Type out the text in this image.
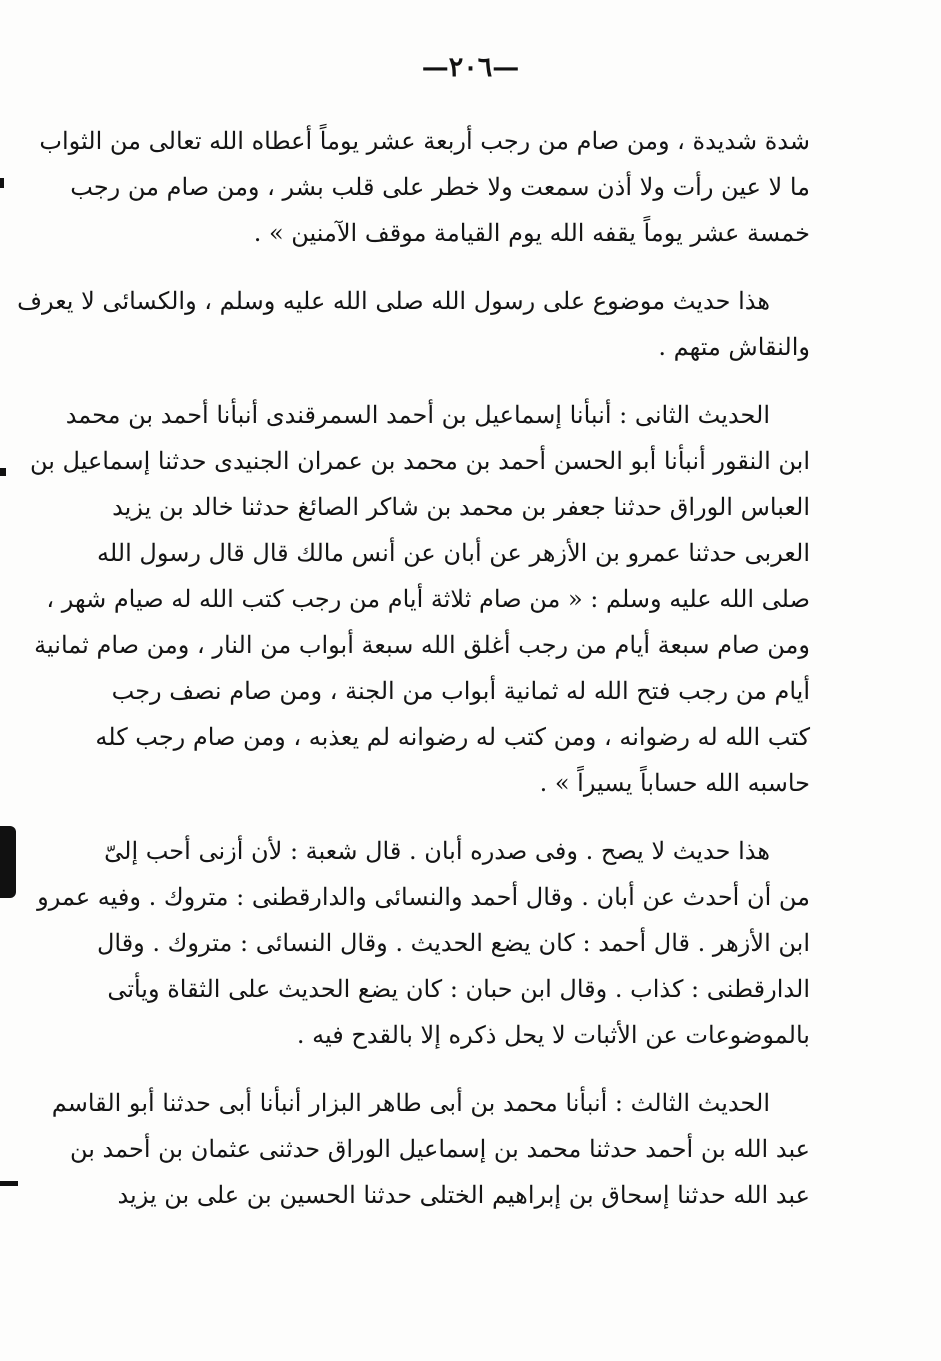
—٢٠٦—
شدة شديدة ، ومن صام من رجب أربعة عشر يوماً أعطاه الله تعالى من الثواب
ما لا عين رأت ولا أذن سمعت ولا خطر على قلب بشر ، ومن صام من رجب
خمسة عشر يوماً يقفه الله يوم القيامة موقف الآمنين » .
هذا حديث موضوع على رسول الله صلى الله عليه وسلم ، والكسائى لا يعرف
والنقاش متهم .
الحديث الثانى : أنبأنا إسماعيل بن أحمد السمرقندى أنبأنا أحمد بن محمد
ابن النقور أنبأنا أبو الحسن أحمد بن محمد بن عمران الجنيدى حدثنا إسماعيل بن
العباس الوراق حدثنا جعفر بن محمد بن شاكر الصائغ حدثنا خالد بن يزيد
العربى حدثنا عمرو بن الأزهر عن أبان عن أنس مالك قال قال رسول الله
صلى الله عليه وسلم : « من صام ثلاثة أيام من رجب كتب الله له صيام شهر ،
ومن صام سبعة أيام من رجب أغلق الله سبعة أبواب من النار ، ومن صام ثمانية
أيام من رجب فتح الله له ثمانية أبواب من الجنة ، ومن صام نصف رجب
كتب الله له رضوانه ، ومن كتب له رضوانه لم يعذبه ، ومن صام رجب كله
حاسبه الله حساباً يسيراً » .
هذا حديث لا يصح . وفى صدره أبان . قال شعبة : لأن أزنى أحب إلىّ
من أن أحدث عن أبان . وقال أحمد والنسائى والدارقطنى : متروك . وفيه عمرو
ابن الأزهر . قال أحمد : كان يضع الحديث . وقال النسائى : متروك . وقال
الدارقطنى : كذاب . وقال ابن حبان : كان يضع الحديث على الثقاة ويأتى
بالموضوعات عن الأثبات لا يحل ذكره إلا بالقدح فيه .
الحديث الثالث : أنبأنا محمد بن أبى طاهر البزار أنبأنا أبى حدثنا أبو القاسم
عبد الله بن أحمد حدثنا محمد بن إسماعيل الوراق حدثنى عثمان بن أحمد بن
عبد الله حدثنا إسحاق بن إبراهيم الختلى حدثنا الحسين بن على بن يزيد
